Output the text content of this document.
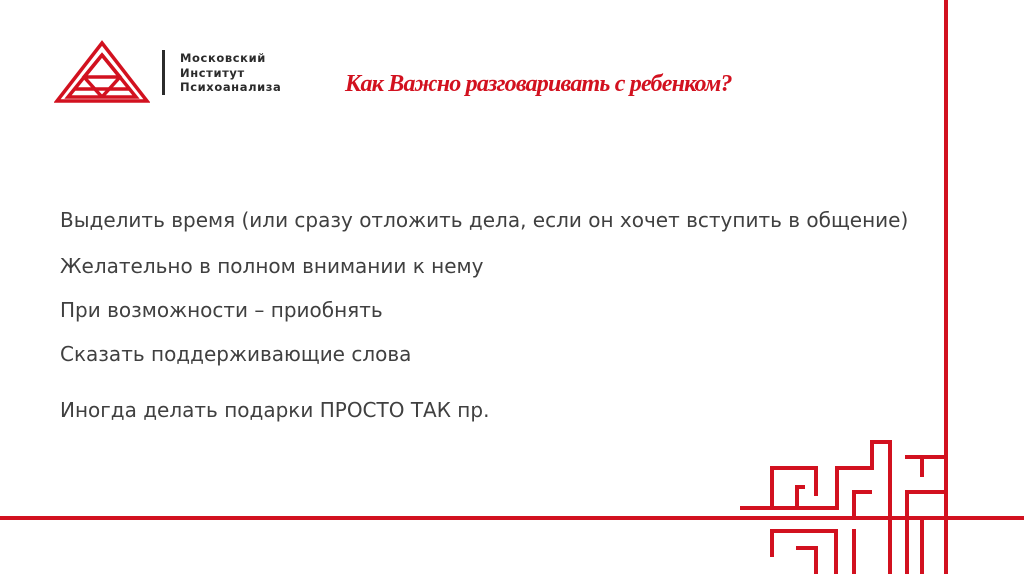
Московский
Институт
Психоанализа	Как Важно разговаривать с ребенком?

Выделить время (или сразу отложить дела, если он хочет вступить в общение)

Желательно в полном внимании к нему

При возможности – приобнять

Сказать поддерживающие слова

Иногда делать подарки ПРОСТО ТАК пр.
